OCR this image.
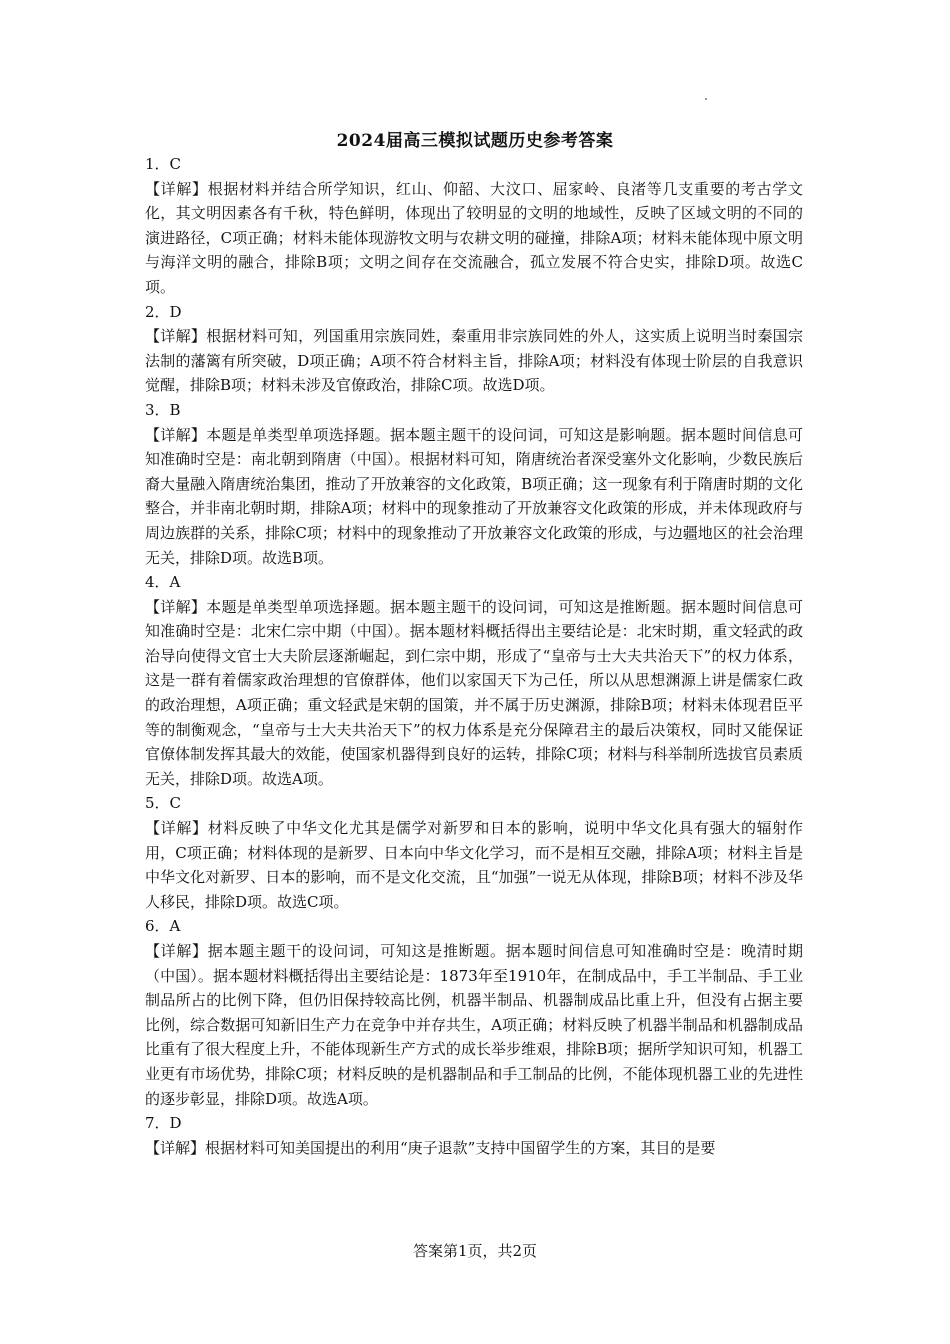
2024届高三模拟试题历史参考答案

1．C

【详解】根据材料并结合所学知识，红山、仰韶、大汶口、屈家岭、良渚等几支重要的考古学文化，其文明因素各有千秋，特色鲜明，体现出了较明显的文明的地域性，反映了区域文明的不同的演进路径，C项正确；材料未能体现游牧文明与农耕文明的碰撞，排除A项；材料未能体现中原文明与海洋文明的融合，排除B项；文明之间存在交流融合，孤立发展不符合史实，排除D项。故选C项。

2．D

【详解】根据材料可知，列国重用宗族同姓，秦重用非宗族同姓的外人，这实质上说明当时秦国宗法制的藩篱有所突破，D项正确；A项不符合材料主旨，排除A项；材料没有体现士阶层的自我意识觉醒，排除B项；材料未涉及官僚政治，排除C项。故选D项。

3．B

【详解】本题是单类型单项选择题。据本题主题干的设问词，可知这是影响题。据本题时间信息可知准确时空是：南北朝到隋唐（中国）。根据材料可知，隋唐统治者深受塞外文化影响，少数民族后裔大量融入隋唐统治集团，推动了开放兼容的文化政策，B项正确；这一现象有利于隋唐时期的文化整合，并非南北朝时期，排除A项；材料中的现象推动了开放兼容文化政策的形成，并未体现政府与周边族群的关系，排除C项；材料中的现象推动了开放兼容文化政策的形成，与边疆地区的社会治理无关，排除D项。故选B项。

4．A

【详解】本题是单类型单项选择题。据本题主题干的设问词，可知这是推断题。据本题时间信息可知准确时空是：北宋仁宗中期（中国）。据本题材料概括得出主要结论是：北宋时期，重文轻武的政治导向使得文官士大夫阶层逐渐崛起，到仁宗中期，形成了“皇帝与士大夫共治天下”的权力体系，这是一群有着儒家政治理想的官僚群体，他们以家国天下为己任，所以从思想渊源上讲是儒家仁政的政治理想，A项正确；重文轻武是宋朝的国策，并不属于历史渊源，排除B项；材料未体现君臣平等的制衡观念，“皇帝与士大夫共治天下”的权力体系是充分保障君主的最后决策权，同时又能保证官僚体制发挥其最大的效能，使国家机器得到良好的运转，排除C项；材料与科举制所选拔官员素质无关，排除D项。故选A项。

5．C

【详解】材料反映了中华文化尤其是儒学对新罗和日本的影响，说明中华文化具有强大的辐射作用，C项正确；材料体现的是新罗、日本向中华文化学习，而不是相互交融，排除A项；材料主旨是中华文化对新罗、日本的影响，而不是文化交流，且“加强”一说无从体现，排除B项；材料不涉及华人移民，排除D项。故选C项。

6．A

【详解】据本题主题干的设问词，可知这是推断题。据本题时间信息可知准确时空是：晚清时期（中国）。据本题材料概括得出主要结论是：1873年至1910年，在制成品中，手工半制品、手工业制品所占的比例下降，但仍旧保持较高比例，机器半制品、机器制成品比重上升，但没有占据主要比例，综合数据可知新旧生产力在竞争中并存共生，A项正确；材料反映了机器半制品和机器制成品比重有了很大程度上升，不能体现新生产方式的成长举步维艰，排除B项；据所学知识可知，机器工业更有市场优势，排除C项；材料反映的是机器制品和手工制品的比例，不能体现机器工业的先进性的逐步彰显，排除D项。故选A项。

7．D

【详解】根据材料可知美国提出的利用“庚子退款”支持中国留学生的方案，其目的是要

答案第1页，共2页
